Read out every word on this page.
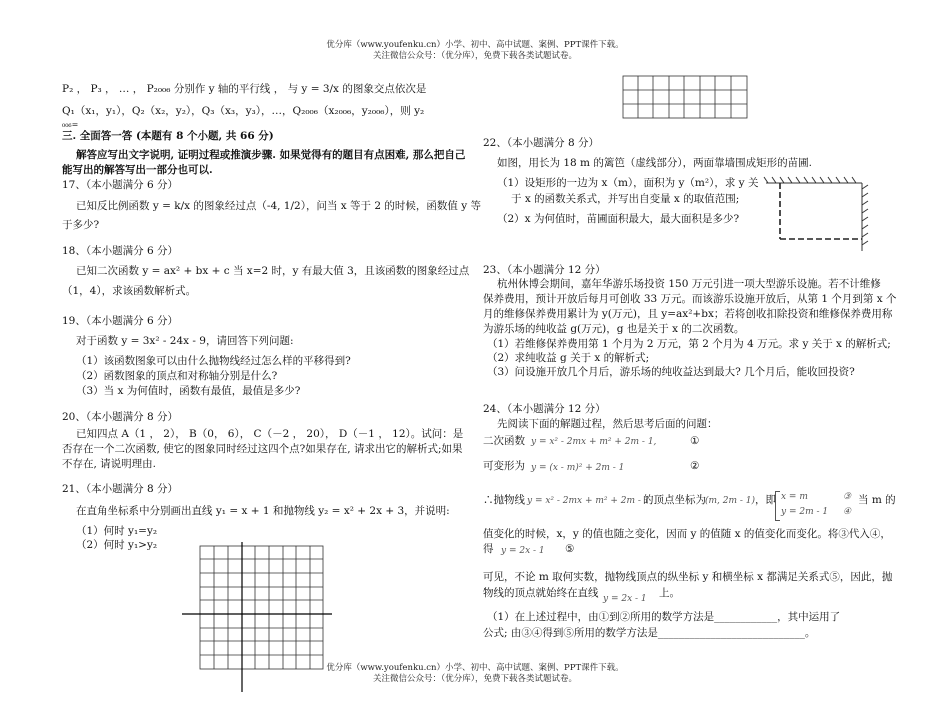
优分库（www.youfenku.cn）小学、初中、高中试题、案例、PPT课件下载。
关注微信公众号：（优分库），免费下载各类试题试卷。
P₂ ， P₃ ， … ， P₂₀₀₆ 分别作 y 轴的平行线 ， 与 y = 3/x 的图象交点依次是
Q₁（x₁，y₁），Q₂（x₂，y₂），Q₃（x₃，y₃），…，Q₂₀₀₆（x₂₀₀₆，y₂₀₀₆），则 y₂
₀₀₆=
三. 全面答一答 (本题有 8 个小题, 共 66 分)
解答应写出文字说明, 证明过程或推演步骤. 如果觉得有的题目有点困难, 那么把自己
能写出的解答写出一部分也可以.
17、（本小题满分 6 分）
已知反比例函数 y = k/x 的图象经过点（-4, 1/2），问当 x 等于 2 的时候，函数值 y 等
于多少?
18、（本小题满分 6 分）
已知二次函数 y = ax² + bx + c 当 x=2 时，y 有最大值 3，且该函数的图象经过点
（1，4），求该函数解析式。
19、（本小题满分 6 分）
对于函数 y = 3x² - 24x - 9，请回答下列问题:
（1）该函数图象可以由什么抛物线经过怎么样的平移得到?
（2）函数图象的顶点和对称轴分别是什么?
（3）当 x 为何值时，函数有最值，最值是多少?
20、（本小题满分 8 分）
已知四点 A（1 ， 2）， B（0， 6）， C（－2 ， 20）， D（－1 ， 12）。试问：是
否存在一个二次函数, 使它的图象同时经过这四个点?如果存在, 请求出它的解析式;如果
不存在, 请说明理由.
21、（本小题满分 8 分）
在直角坐标系中分别画出直线 y₁ = x + 1 和抛物线 y₂ = x² + 2x + 3，并说明:
（1）何时 y₁=y₂
（2）何时 y₁>y₂
22、（本小题满分 8 分）
如图，用长为 18 m 的篱笆（虚线部分），两面靠墙围成矩形的苗圃.
（1）设矩形的一边为 x（m），面积为 y（m²），求 y 关
于 x 的函数关系式，并写出自变量 x 的取值范围;
（2）x 为何值时，苗圃面积最大，最大面积是多少?
23、（本小题满分 12 分）
杭州休博会期间，嘉年华游乐场投资 150 万元引进一项大型游乐设施。若不计维修
保养费用，预计开放后每月可创收 33 万元。而该游乐设施开放后，从第 1 个月到第 x 个
月的维修保养费用累计为 y(万元)，且 y=ax²+bx；若将创收扣除投资和维修保养费用称
为游乐场的纯收益 g(万元)，g 也是关于 x 的二次函数。
（1）若维修保养费用第 1 个月为 2 万元，第 2 个月为 4 万元。求 y 关于 x 的解析式;
（2）求纯收益 g 关于 x 的解析式;
（3）问设施开放几个月后，游乐场的纯收益达到最大? 几个月后，能收回投资?
24、（本小题满分 12 分）
先阅读下面的解题过程，然后思考后面的问题：
二次函数 y = x² - 2mx + m² + 2m - 1,	①
可变形为 y = (x - m)² + 2m - 1	②
∴抛物线 y = x² - 2mx + m² + 2m - 1
的顶点坐标为 (m, 2m - 1) ，即 x = m
y = 2m - 1
③
④
当 m 的
值变化的时候，x，y 的值也随之变化，因而 y 的值随 x 的值变化而变化。将③代入④，
得 y = 2x - 1 ⑤
可见，不论 m 取何实数，抛物线顶点的纵坐标 y 和横坐标 x 都满足关系式⑤，因此，抛
物线的顶点就始终在直线 y = 2x - 1 上。
（1）在上述过程中，由①到②所用的数学方法是____________，其中运用了
公式; 由③④得到⑤所用的数学方法是____________________________。
优分库（www.youfenku.cn）小学、初中、高中试题、案例、PPT课件下载。
关注微信公众号：（优分库），免费下载各类试题试卷。
